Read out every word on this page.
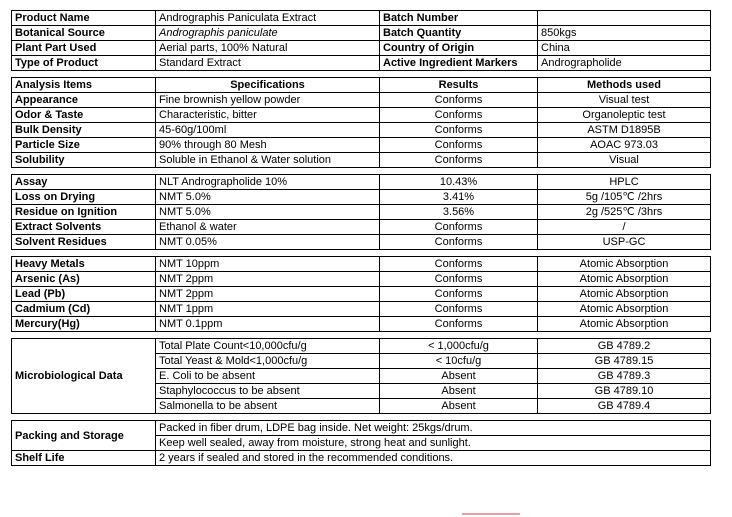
Product Name	Andrographis Paniculata Extract	Batch Number	
Botanical Source	Andrographis paniculate	Batch Quantity	850kgs
Plant Part Used	Aerial parts, 100% Natural	Country of Origin	China
Type of Product	Standard Extract	Active Ingredient Markers	Andrographolide

Analysis Items	Specifications	Results	Methods used
Appearance	Fine brownish yellow powder	Conforms	Visual test
Odor & Taste	Characteristic, bitter	Conforms	Organoleptic test
Bulk Density	45-60g/100ml	Conforms	ASTM D1895B
Particle Size	90% through 80 Mesh	Conforms	AOAC 973.03
Solubility	Soluble in Ethanol & Water solution	Conforms	Visual

Assay	NLT Andrographolide 10%	10.43%	HPLC
Loss on Drying	NMT 5.0%	3.41%	5g /105℃ /2hrs
Residue on Ignition	NMT 5.0%	3.56%	2g /525℃ /3hrs
Extract Solvents	Ethanol & water	Conforms	/
Solvent Residues	NMT 0.05%	Conforms	USP-GC

Heavy Metals	NMT 10ppm	Conforms	Atomic Absorption
Arsenic (As)	NMT 2ppm	Conforms	Atomic Absorption
Lead (Pb)	NMT 2ppm	Conforms	Atomic Absorption
Cadmium (Cd)	NMT 1ppm	Conforms	Atomic Absorption
Mercury(Hg)	NMT 0.1ppm	Conforms	Atomic Absorption

Microbiological Data	Total Plate Count<10,000cfu/g	< 1,000cfu/g	GB 4789.2
	Total Yeast & Mold<1,000cfu/g	< 10cfu/g	GB 4789.15
	E. Coli to be absent	Absent	GB 4789.3
	Staphylococcus to be absent	Absent	GB 4789.10
	Salmonella to be absent	Absent	GB 4789.4

Packing and Storage	Packed in fiber drum, LDPE bag inside. Net weight: 25kgs/drum.		
	Keep well sealed, away from moisture, strong heat and sunlight.		
Shelf Life	2 years if sealed and stored in the recommended conditions.		
